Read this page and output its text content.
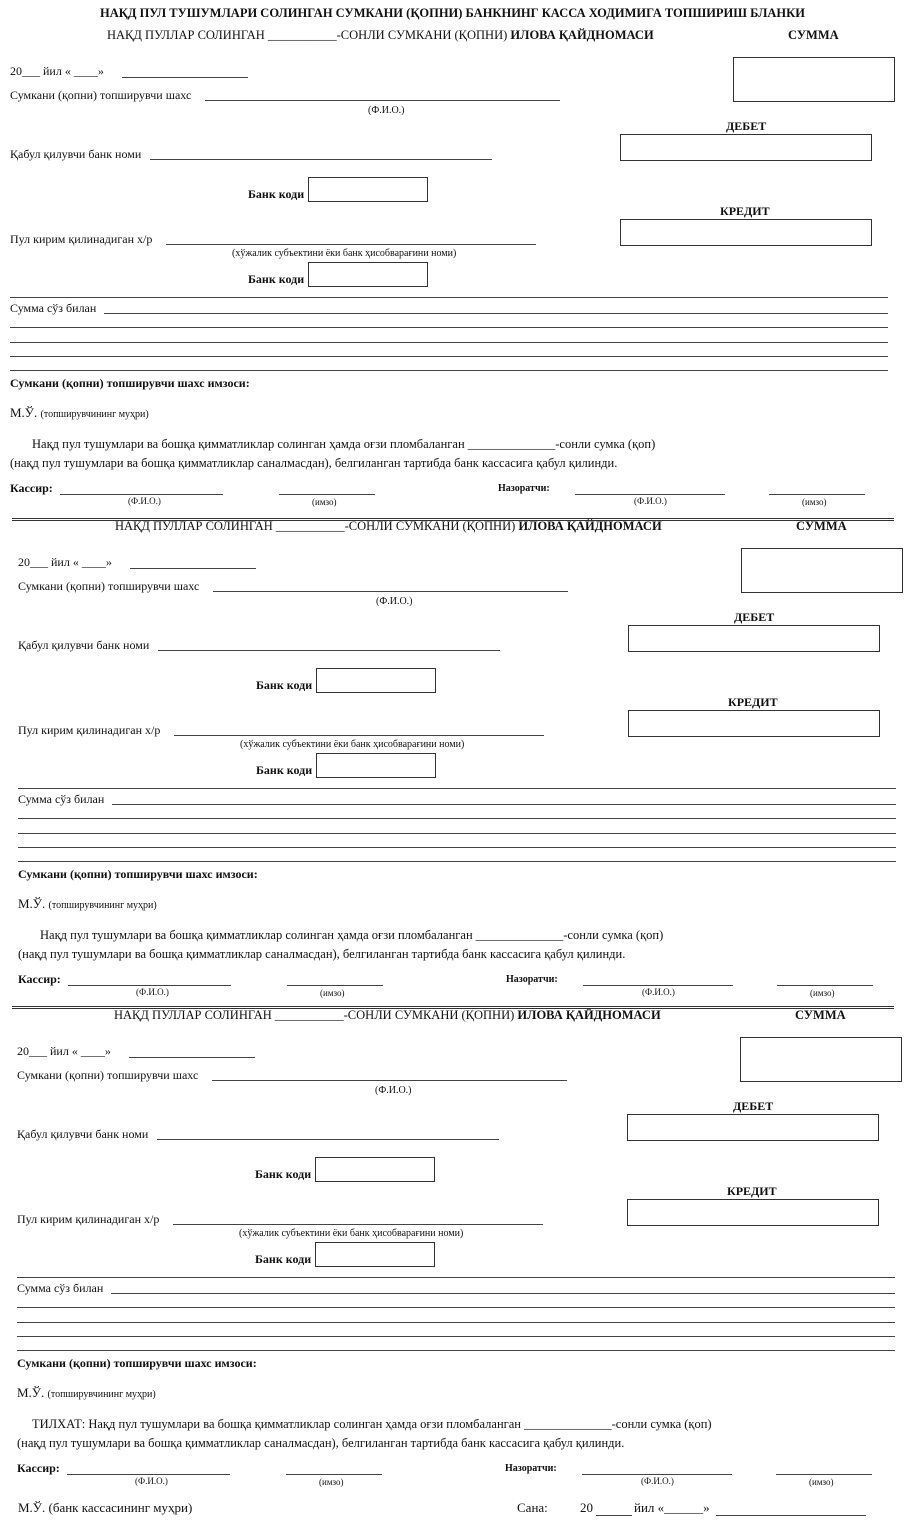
НАҚД ПУЛ ТУШУМЛАРИ СОЛИНГАН СУМКАНИ (ҚОПНИ) БАНКНИНГ КАССА ХОДИМИГА ТОПШИРИШ БЛАНКИ
НАҚД ПУЛЛАР СОЛИНГАН ___________-СОНЛИ СУМКАНИ (ҚОПНИ) ИЛОВА ҚАЙДНОМАСИ	СУММА
20___ йил « ____»
Сумкани (қопни) топширувчи шахс
(Ф.И.О.)
ДЕБЕТ
Қабул қилувчи банк номи
Банк коди
КРЕДИТ
Пул кирим қилинадиган х/р
(хўжалик субъектини ёки банк ҳисобварағини номи)
Банк коди
Сумма сўз билан
Сумкани (қопни) топширувчи шахс имзоси:
М.Ў. (топширувчининг муҳри)
Нақд пул тушумлари ва бошқа қимматликлар солинган ҳамда оғзи пломбаланган ______________-сонли сумка (қоп)
(нақд пул тушумлари ва бошқа қимматликлар саналмасдан), белгиланган тартибда банк кассасига қабул қилинди.
Кассир:
(Ф.И.О.)	(имзо)
Назоратчи:
(Ф.И.О.)	(имзо)
НАҚД ПУЛЛАР СОЛИНГАН ___________-СОНЛИ СУМКАНИ (ҚОПНИ) ИЛОВА ҚАЙДНОМАСИ	СУММА
20___ йил « ____»
Сумкани (қопни) топширувчи шахс
(Ф.И.О.)
ДЕБЕТ
Қабул қилувчи банк номи
Банк коди
КРЕДИТ
Пул кирим қилинадиган х/р
(хўжалик субъектини ёки банк ҳисобварағини номи)
Банк коди
Сумма сўз билан
Сумкани (қопни) топширувчи шахс имзоси:
М.Ў. (топширувчининг муҳри)
Нақд пул тушумлари ва бошқа қимматликлар солинган ҳамда оғзи пломбаланган ______________-сонли сумка (қоп)
(нақд пул тушумлари ва бошқа қимматликлар саналмасдан), белгиланган тартибда банк кассасига қабул қилинди.
Кассир:
(Ф.И.О.)	(имзо)
Назоратчи:
(Ф.И.О.)	(имзо)
НАҚД ПУЛЛАР СОЛИНГАН ___________-СОНЛИ СУМКАНИ (ҚОПНИ) ИЛОВА ҚАЙДНОМАСИ	СУММА
20___ йил « ____»
Сумкани (қопни) топширувчи шахс
(Ф.И.О.)
ДЕБЕТ
Қабул қилувчи банк номи
Банк коди
КРЕДИТ
Пул кирим қилинадиган х/р
(хўжалик субъектини ёки банк ҳисобварағини номи)
Банк коди
Сумма сўз билан
Сумкани (қопни) топширувчи шахс имзоси:
М.Ў. (топширувчининг муҳри)
ТИЛХАТ: Нақд пул тушумлари ва бошқа қимматликлар солинган ҳамда оғзи пломбаланган ______________-сонли сумка (қоп)
(нақд пул тушумлари ва бошқа қимматликлар саналмасдан), белгиланган тартибда банк кассасига қабул қилинди.
Кассир:
(Ф.И.О.)	(имзо)
Назоратчи:
(Ф.И.О.)	(имзо)
М.Ў. (банк кассасининг муҳри)	Сана: 20	йил «______»
